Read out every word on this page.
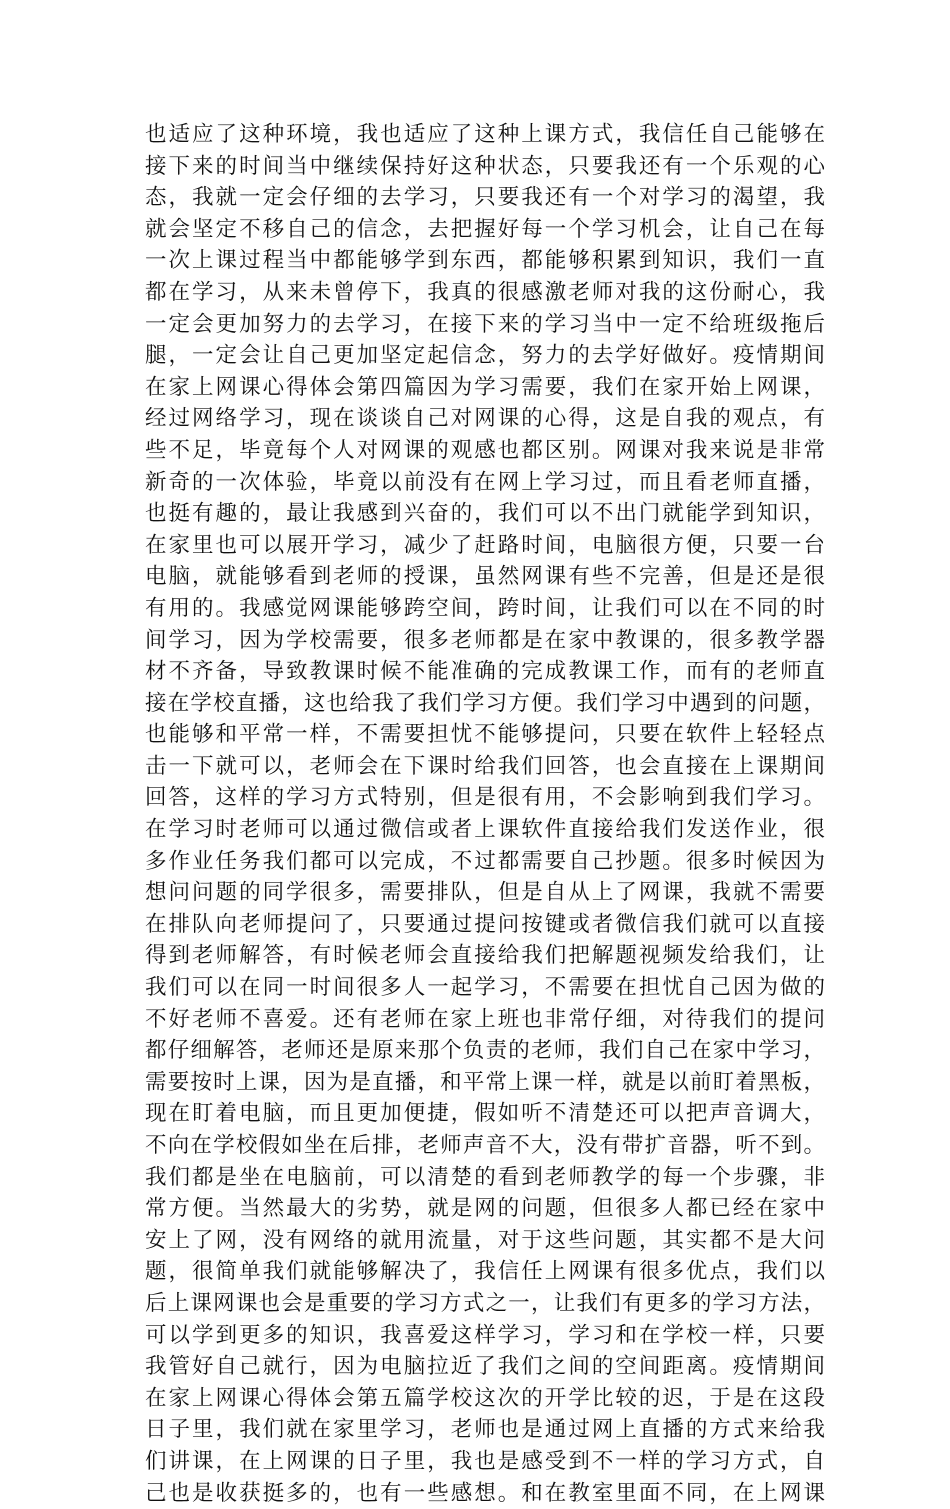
也适应了这种环境，我也适应了这种上课方式，我信任自己能够在
接下来的时间当中继续保持好这种状态，只要我还有一个乐观的心
态，我就一定会仔细的去学习，只要我还有一个对学习的渴望，我
就会坚定不移自己的信念，去把握好每一个学习机会，让自己在每
一次上课过程当中都能够学到东西，都能够积累到知识，我们一直
都在学习，从来未曾停下，我真的很感激老师对我的这份耐心，我
一定会更加努力的去学习，在接下来的学习当中一定不给班级拖后
腿，一定会让自己更加坚定起信念，努力的去学好做好。疫情期间
在家上网课心得体会第四篇因为学习需要，我们在家开始上网课，
经过网络学习，现在谈谈自己对网课的心得，这是自我的观点，有
些不足，毕竟每个人对网课的观感也都区别。网课对我来说是非常
新奇的一次体验，毕竟以前没有在网上学习过，而且看老师直播，
也挺有趣的，最让我感到兴奋的，我们可以不出门就能学到知识，
在家里也可以展开学习，减少了赶路时间，电脑很方便，只要一台
电脑，就能够看到老师的授课，虽然网课有些不完善，但是还是很
有用的。我感觉网课能够跨空间，跨时间，让我们可以在不同的时
间学习，因为学校需要，很多老师都是在家中教课的，很多教学器
材不齐备，导致教课时候不能准确的完成教课工作，而有的老师直
接在学校直播，这也给我了我们学习方便。我们学习中遇到的问题，
也能够和平常一样，不需要担忧不能够提问，只要在软件上轻轻点
击一下就可以，老师会在下课时给我们回答，也会直接在上课期间
回答，这样的学习方式特别，但是很有用，不会影响到我们学习。
在学习时老师可以通过微信或者上课软件直接给我们发送作业，很
多作业任务我们都可以完成，不过都需要自己抄题。很多时候因为
想问问题的同学很多，需要排队，但是自从上了网课，我就不需要
在排队向老师提问了，只要通过提问按键或者微信我们就可以直接
得到老师解答，有时候老师会直接给我们把解题视频发给我们，让
我们可以在同一时间很多人一起学习，不需要在担忧自己因为做的
不好老师不喜爱。还有老师在家上班也非常仔细，对待我们的提问
都仔细解答，老师还是原来那个负责的老师，我们自己在家中学习，
需要按时上课，因为是直播，和平常上课一样，就是以前盯着黑板，
现在盯着电脑，而且更加便捷，假如听不清楚还可以把声音调大，
不向在学校假如坐在后排，老师声音不大，没有带扩音器，听不到。
我们都是坐在电脑前，可以清楚的看到老师教学的每一个步骤，非
常方便。当然最大的劣势，就是网的问题，但很多人都已经在家中
安上了网，没有网络的就用流量，对于这些问题，其实都不是大问
题，很简单我们就能够解决了，我信任上网课有很多优点，我们以
后上课网课也会是重要的学习方式之一，让我们有更多的学习方法，
可以学到更多的知识，我喜爱这样学习，学习和在学校一样，只要
我管好自己就行，因为电脑拉近了我们之间的空间距离。疫情期间
在家上网课心得体会第五篇学校这次的开学比较的迟，于是在这段
日子里，我们就在家里学习，老师也是通过网上直播的方式来给我
们讲课，在上网课的日子里，我也是感受到不一样的学习方式，自
己也是收获挺多的，也有一些感想。和在教室里面不同，在上网课
